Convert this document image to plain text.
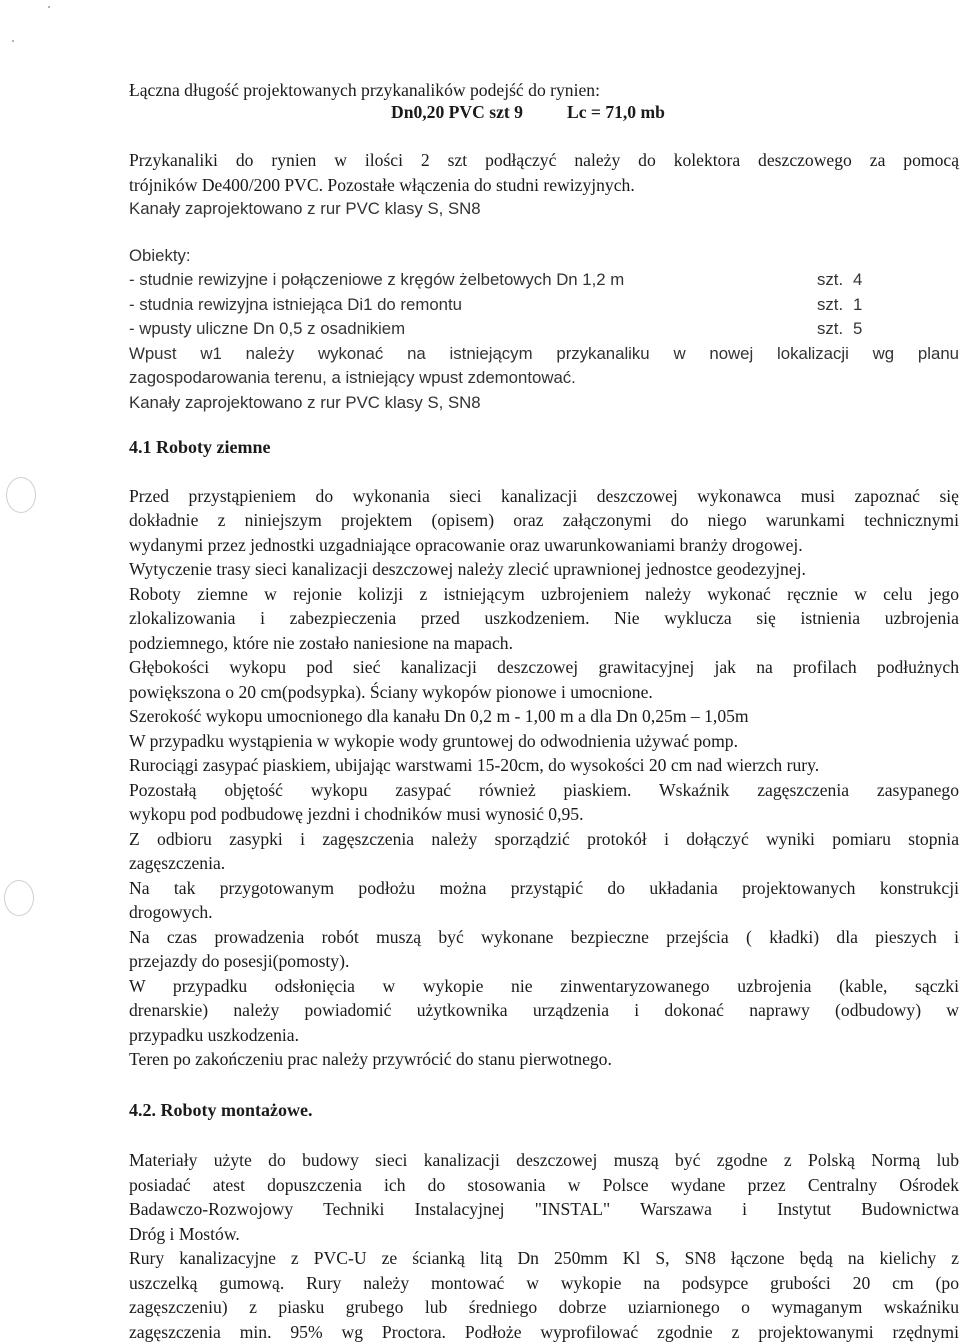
Łączna długość projektowanych przykanalików podejść do rynien:
Dn0,20 PVC szt 9	Lc = 71,0 mb
Przykanaliki do rynien w ilości 2 szt podłączyć należy do kolektora deszczowego za pomocą
trójników De400/200 PVC. Pozostałe włączenia do studni rewizyjnych.
Kanały zaprojektowano z rur PVC klasy S, SN8
Obiekty:
- studnie rewizyjne i połączeniowe z kręgów żelbetowych Dn 1,2 m	szt. 4
- studnia rewizyjna istniejąca Di1 do remontu	szt. 1
- wpusty uliczne Dn 0,5 z osadnikiem	szt. 5
Wpust w1 należy wykonać na istniejącym przykanaliku w nowej lokalizacji wg planu
zagospodarowania terenu, a istniejący wpust zdemontować.
Kanały zaprojektowano z rur PVC klasy S, SN8
4.1 Roboty ziemne
Przed przystąpieniem do wykonania sieci kanalizacji deszczowej wykonawca musi zapoznać się
dokładnie z niniejszym projektem (opisem) oraz załączonymi do niego warunkami technicznymi
wydanymi przez jednostki uzgadniające opracowanie oraz uwarunkowaniami branży drogowej.
Wytyczenie trasy sieci kanalizacji deszczowej należy zlecić uprawnionej jednostce geodezyjnej.
Roboty ziemne w rejonie kolizji z istniejącym uzbrojeniem należy wykonać ręcznie w celu jego
zlokalizowania i zabezpieczenia przed uszkodzeniem. Nie wyklucza się istnienia uzbrojenia
podziemnego, które nie zostało naniesione na mapach.
Głębokości wykopu pod sieć kanalizacji deszczowej grawitacyjnej jak na profilach podłużnych
powiększona o 20 cm(podsypka). Ściany wykopów pionowe i umocnione.
Szerokość wykopu umocnionego dla kanału Dn 0,2 m - 1,00 m a dla Dn 0,25m – 1,05m
W przypadku wystąpienia w wykopie wody gruntowej do odwodnienia używać pomp.
Rurociągi zasypać piaskiem, ubijając warstwami 15-20cm, do wysokości 20 cm nad wierzch rury.
Pozostałą objętość wykopu zasypać również piaskiem. Wskaźnik zagęszczenia zasypanego
wykopu pod podbudowę jezdni i chodników musi wynosić 0,95.
Z odbioru zasypki i zagęszczenia należy sporządzić protokół i dołączyć wyniki pomiaru stopnia
zagęszczenia.
Na tak przygotowanym podłożu można przystąpić do układania projektowanych konstrukcji
drogowych.
Na czas prowadzenia robót muszą być wykonane bezpieczne przejścia ( kładki) dla pieszych i
przejazdy do posesji(pomosty).
W przypadku odsłonięcia w wykopie nie zinwentaryzowanego uzbrojenia (kable, sączki
drenarskie) należy powiadomić użytkownika urządzenia i dokonać naprawy (odbudowy) w
przypadku uszkodzenia.
Teren po zakończeniu prac należy przywrócić do stanu pierwotnego.
4.2. Roboty montażowe.
Materiały użyte do budowy sieci kanalizacji deszczowej muszą być zgodne z Polską Normą lub
posiadać atest dopuszczenia ich do stosowania w Polsce wydane przez Centralny Ośrodek
Badawczo-Rozwojowy Techniki Instalacyjnej "INSTAL" Warszawa i Instytut Budownictwa
Dróg i Mostów.
Rury kanalizacyjne z PVC-U ze ścianką litą Dn 250mm Kl S, SN8 łączone będą na kielichy z
uszczelką gumową. Rury należy montować w wykopie na podsypce grubości 20 cm (po
zagęszczeniu) z piasku grubego lub średniego dobrze uziarnionego o wymaganym wskaźniku
zagęszczenia min. 95% wg Proctora. Podłoże wyprofilować zgodnie z projektowanymi rzędnymi
